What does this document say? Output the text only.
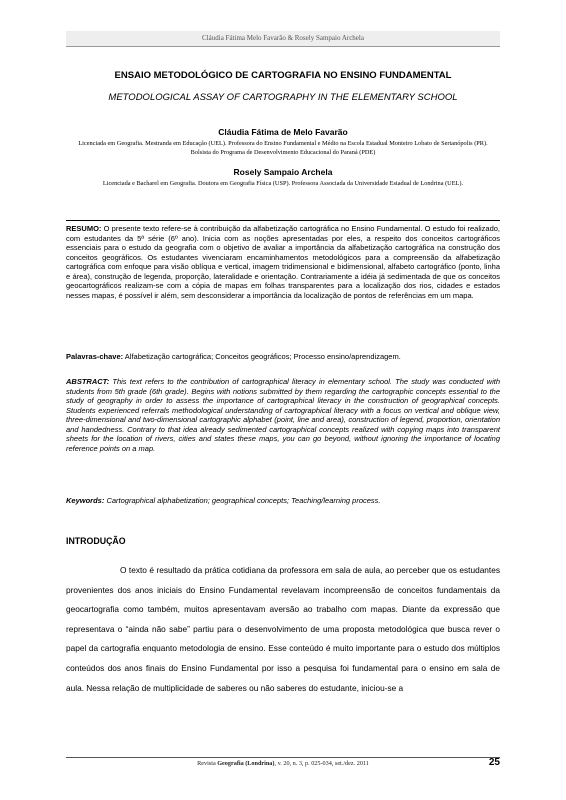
Cláudia Fátima Melo Favarão & Rosely Sampaio Archela
ENSAIO METODOLÓGICO DE CARTOGRAFIA NO ENSINO FUNDAMENTAL
METODOLOGICAL ASSAY OF CARTOGRAPHY IN THE ELEMENTARY SCHOOL
Cláudia Fátima de Melo Favarão
Licenciada em Geografia. Mestranda em Educação (UEL). Professora do Ensino Fundamental e Médio na Escola Estadual Monteiro Lobato de Sertanópolis (PR). Bolsista do Programa de Desenvolvimento Educacional do Paraná (PDE)
Rosely Sampaio Archela
Licenciada e Bacharel em Geografia. Doutora em Geografia Física (USP). Professora Associada da Universidade Estadual de Londrina (UEL).
RESUMO: O presente texto refere-se à contribuição da alfabetização cartográfica no Ensino Fundamental. O estudo foi realizado, com estudantes da 5ª série (6º ano). Inicia com as noções apresentadas por eles, a respeito dos conceitos cartográficos essenciais para o estudo da geografia com o objetivo de avaliar a importância da alfabetização cartográfica na construção dos conceitos geográficos. Os estudantes vivenciaram encaminhamentos metodológicos para a compreensão da alfabetização cartográfica com enfoque para visão oblíqua e vertical, imagem tridimensional e bidimensional, alfabeto cartográfico (ponto, linha e área), construção de legenda, proporção, lateralidade e orientação. Contrariamente a idéia já sedimentada de que os conceitos geocartográficos realizam-se com a cópia de mapas em folhas transparentes para a localização dos rios, cidades e estados nesses mapas, é possível ir além, sem desconsiderar a importância da localização de pontos de referências em um mapa.
Palavras-chave: Alfabetização cartográfica; Conceitos geográficos; Processo ensino/aprendizagem.
ABSTRACT: This text refers to the contribution of cartographical literacy in elementary school. The study was conducted with students from 5th grade (6th grade). Begins with notions submitted by them regarding the cartographic concepts essential to the study of geography in order to assess the importance of cartographical literacy in the construction of geographical concepts. Students experienced referrals methodological understanding of cartographical literacy with a focus on vertical and oblique view, three-dimensional and two-dimensional cartographic alphabet (point, line and area), construction of legend, proportion, orientation and handedness. Contrary to that idea already sedimented cartographical concepts realized with copying maps into transparent sheets for the location of rivers, cities and states these maps, you can go beyond, without ignoring the importance of locating reference points on a map.
Keywords: Cartographical alphabetization; geographical concepts; Teaching/learning process.
INTRODUÇÃO
O texto é resultado da prática cotidiana da professora em sala de aula, ao perceber que os estudantes provenientes dos anos iniciais do Ensino Fundamental revelavam incompreensão de conceitos fundamentais da geocartografia como também, muitos apresentavam aversão ao trabalho com mapas. Diante da expressão que representava o “ainda não sabe” partiu para o desenvolvimento de uma proposta metodológica que busca rever o papel da cartografia enquanto metodologia de ensino. Esse conteúdo é muito importante para o estudo dos múltiplos conteúdos dos anos finais do Ensino Fundamental por isso a pesquisa foi fundamental para o ensino em sala de aula. Nessa relação de multiplicidade de saberes ou não saberes do estudante, iniciou-se a
Revista Geografia (Londrina), v. 20, n. 3, p. 025-034, set./dez. 2011	25
